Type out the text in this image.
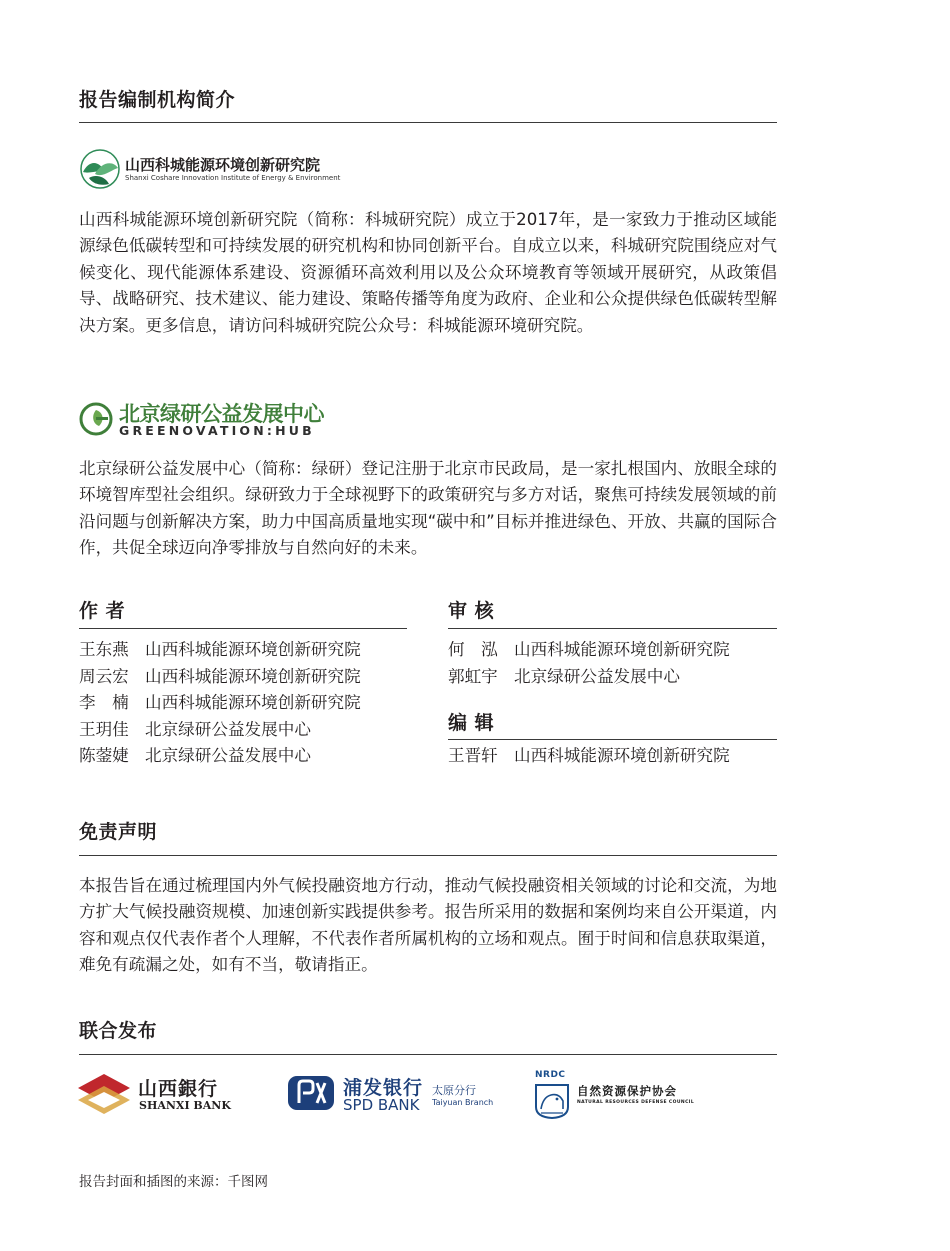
报告编制机构简介
山西科城能源环境创新研究院
Shanxi Coshare Innovation Institute of Energy & Environment
山西科城能源环境创新研究院（简称：科城研究院）成立于2017年，是一家致力于推动区域能源绿色低碳转型和可持续发展的研究机构和协同创新平台。自成立以来，科城研究院围绕应对气候变化、现代能源体系建设、资源循环高效利用以及公众环境教育等领域开展研究，从政策倡导、战略研究、技术建议、能力建设、策略传播等角度为政府、企业和公众提供绿色低碳转型解决方案。更多信息，请访问科城研究院公众号：科城能源环境研究院。
北京绿研公益发展中心
GREENOVATION:HUB
北京绿研公益发展中心（简称：绿研）登记注册于北京市民政局，是一家扎根国内、放眼全球的环境智库型社会组织。绿研致力于全球视野下的政策研究与多方对话，聚焦可持续发展领域的前沿问题与创新解决方案，助力中国高质量地实现“碳中和”目标并推进绿色、开放、共赢的国际合作，共促全球迈向净零排放与自然向好的未来。
作 者
王东燕 山西科城能源环境创新研究院
周云宏 山西科城能源环境创新研究院
李　楠 山西科城能源环境创新研究院
王玥佳 北京绿研公益发展中心
陈蓥婕 北京绿研公益发展中心
审 核
何　泓 山西科城能源环境创新研究院
郭虹宇 北京绿研公益发展中心
编 辑
王晋轩 山西科城能源环境创新研究院
免责声明
本报告旨在通过梳理国内外气候投融资地方行动，推动气候投融资相关领域的讨论和交流，为地方扩大气候投融资规模、加速创新实践提供参考。报告所采用的数据和案例均来自公开渠道，内容和观点仅代表作者个人理解，不代表作者所属机构的立场和观点。囿于时间和信息获取渠道，难免有疏漏之处，如有不当，敬请指正。
联合发布
山西銀行
SHANXI BANK
浦发银行
SPD BANK
太原分行
Taiyuan Branch
NRDC
自然资源保护协会
NATURAL RESOURCES DEFENSE COUNCIL
报告封面和插图的来源：千图网
